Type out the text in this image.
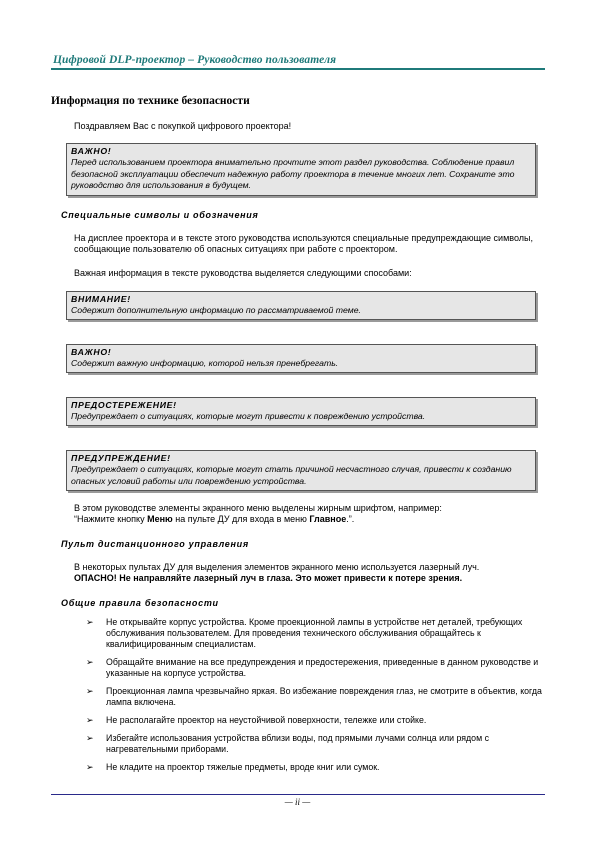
Цифровой DLP-проектор – Руководство пользователя
Информация по технике безопасности
Поздравляем Вас с покупкой цифрового проектора!
ВАЖНО!
Перед использованием проектора внимательно прочтите этот раздел руководства. Соблюдение правил безопасной эксплуатации обеспечит надежную работу проектора в течение многих лет. Сохраните это руководство для использования в будущем.
Специальные символы и обозначения
На дисплее проектора и в тексте этого руководства используются специальные предупреждающие символы, сообщающие пользователю об опасных ситуациях при работе с проектором.
Важная информация в тексте руководства выделяется следующими способами:
ВНИМАНИЕ!
Содержит дополнительную информацию по рассматриваемой теме.
ВАЖНО!
Содержит важную информацию, которой нельзя пренебрегать.
ПРЕДОСТЕРЕЖЕНИЕ!
Предупреждает о ситуациях, которые могут привести к повреждению устройства.
ПРЕДУПРЕЖДЕНИЕ!
Предупреждает о ситуациях, которые могут стать причиной несчастного случая, привести к созданию опасных условий работы или повреждению устройства.
В этом руководстве элементы экранного меню выделены жирным шрифтом, например:
“Нажмите кнопку Меню на пульте ДУ для входа в меню Главное.”.
Пульт дистанционного управления
В некоторых пультах ДУ для выделения элементов экранного меню используется лазерный луч.
ОПАСНО! Не направляйте лазерный луч в глаза. Это может привести к потере зрения.
Общие правила безопасности
➢ Не открывайте корпус устройства. Кроме проекционной лампы в устройстве нет деталей, требующих обслуживания пользователем. Для проведения технического обслуживания обращайтесь к квалифицированным специалистам.
➢ Обращайте внимание на все предупреждения и предостережения, приведенные в данном руководстве и указанные на корпусе устройства.
➢ Проекционная лампа чрезвычайно яркая. Во избежание повреждения глаз, не смотрите в объектив, когда лампа включена.
➢ Не располагайте проектор на неустойчивой поверхности, тележке или стойке.
➢ Избегайте использования устройства вблизи воды, под прямыми лучами солнца или рядом с нагревательными приборами.
➢ Не кладите на проектор тяжелые предметы, вроде книг или сумок.
— ii —
